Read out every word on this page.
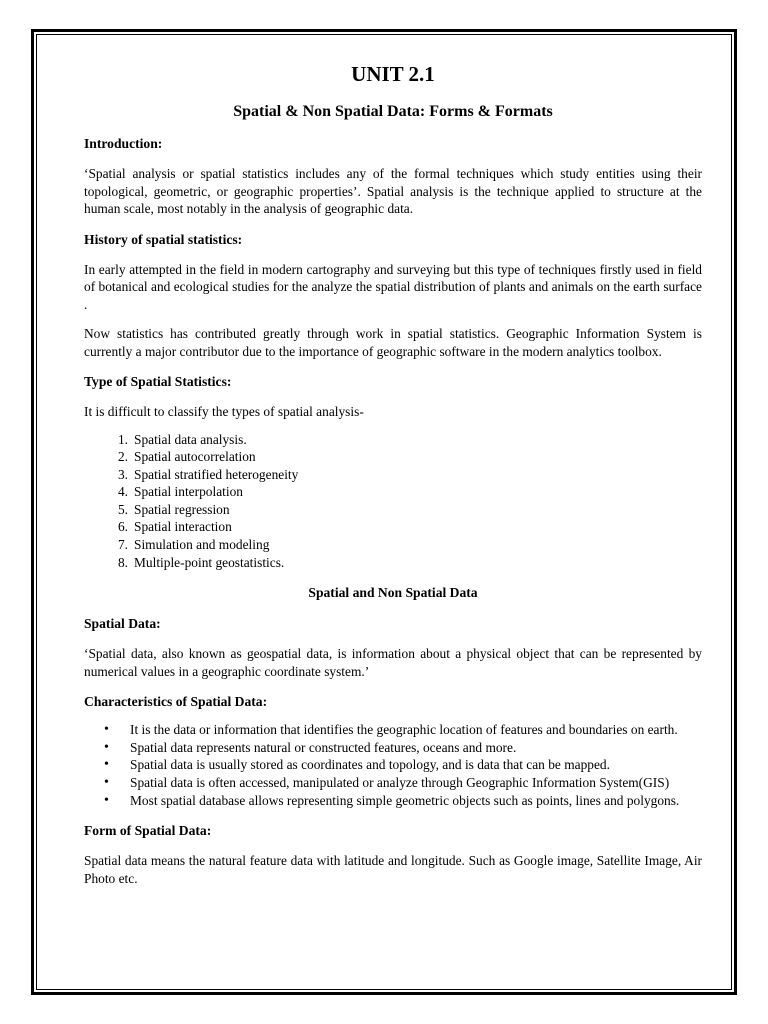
UNIT 2.1
Spatial & Non Spatial Data: Forms & Formats
Introduction:

‘Spatial analysis or spatial statistics includes any of the formal techniques which study entities using their topological, geometric, or geographic properties’. Spatial analysis is the technique applied to structure at the human scale, most notably in the analysis of geographic data.

History of spatial statistics:

In early attempted in the field in modern cartography and surveying but this type of techniques firstly used in field of botanical and ecological studies for the analyze the spatial distribution of plants and animals on the earth surface .

Now statistics has contributed greatly through work in spatial statistics. Geographic Information System is currently a major contributor due to the importance of geographic software in the modern analytics toolbox.

Type of Spatial Statistics:

It is difficult to classify the types of spatial analysis-

1. Spatial data analysis.
2. Spatial autocorrelation
3. Spatial stratified heterogeneity
4. Spatial interpolation
5. Spatial regression
6. Spatial interaction
7. Simulation and modeling
8. Multiple-point geostatistics.
Spatial and Non Spatial Data
Spatial Data:

‘Spatial data, also known as geospatial data, is information about a physical object that can be represented by numerical values in a geographic coordinate system.’

Characteristics of Spatial Data:
• It is the data or information that identifies the geographic location of features and boundaries on earth.
• Spatial data represents natural or constructed features, oceans and more.
• Spatial data is usually stored as coordinates and topology, and is data that can be mapped.
• Spatial data is often accessed, manipulated or analyze through Geographic Information System(GIS)
• Most spatial database allows representing simple geometric objects such as points, lines and polygons.
Form of Spatial Data:

Spatial data means the natural feature data with latitude and longitude. Such as Google image, Satellite Image, Air Photo etc.
